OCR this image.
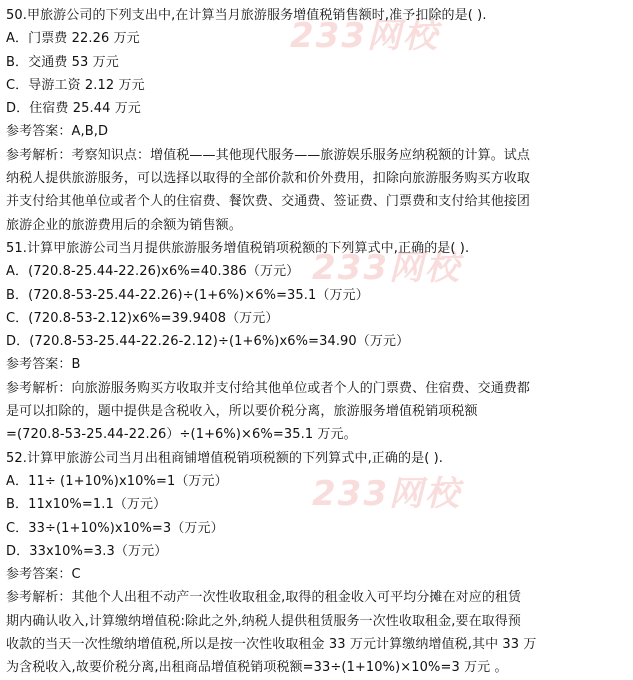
233网校
233网校
233网校
50.甲旅游公司的下列支出中,在计算当月旅游服务增值税销售额时,准予扣除的是( ).
A．门票费 22.26 万元
B．交通费 53 万元
C．导游工资 2.12 万元
D．住宿费 25.44 万元
参考答案：A,B,D
参考解析：考察知识点：增值税——其他现代服务——旅游娱乐服务应纳税额的计算。试点
纳税人提供旅游服务，可以选择以取得的全部价款和价外费用，扣除向旅游服务购买方收取
并支付给其他单位或者个人的住宿费、餐饮费、交通费、签证费、门票费和支付给其他接团
旅游企业的旅游费用后的余额为销售额。
51.计算甲旅游公司当月提供旅游服务增值税销项税额的下列算式中,正确的是( ).
A．(720.8-25.44-22.26)x6%=40.386（万元）
B．(720.8-53-25.44-22.26)÷(1+6%)×6%=35.1（万元）
C．(720.8-53-2.12)x6%=39.9408（万元）
D．(720.8-53-25.44-22.26-2.12)÷(1+6%)x6%=34.90（万元）
参考答案：B
参考解析：向旅游服务购买方收取并支付给其他单位或者个人的门票费、住宿费、交通费都
是可以扣除的，题中提供是含税收入，所以要价税分离，旅游服务增值税销项税额
=(720.8-53-25.44-22.26）÷(1+6%)×6%=35.1 万元。
52.计算甲旅游公司当月出租商铺增值税销项税额的下列算式中,正确的是( ).
A．11÷ (1+10%)x10%=1（万元）
B．11x10%=1.1（万元）
C．33÷(1+10%)x10%=3（万元）
D．33x10%=3.3（万元）
参考答案：C
参考解析：其他个人出租不动产一次性收取租金,取得的租金收入可平均分摊在对应的租赁
期内确认收入,计算缴纳增值税:除此之外,纳税人提供租赁服务一次性收取租金,要在取得预
收款的当天一次性缴纳增值税,所以是按一次性收取租金 33 万元计算缴纳增值税,其中 33 万
为含税收入,故要价税分离,出租商品增值税销项税额=33÷(1+10%)×10%=3 万元 。
